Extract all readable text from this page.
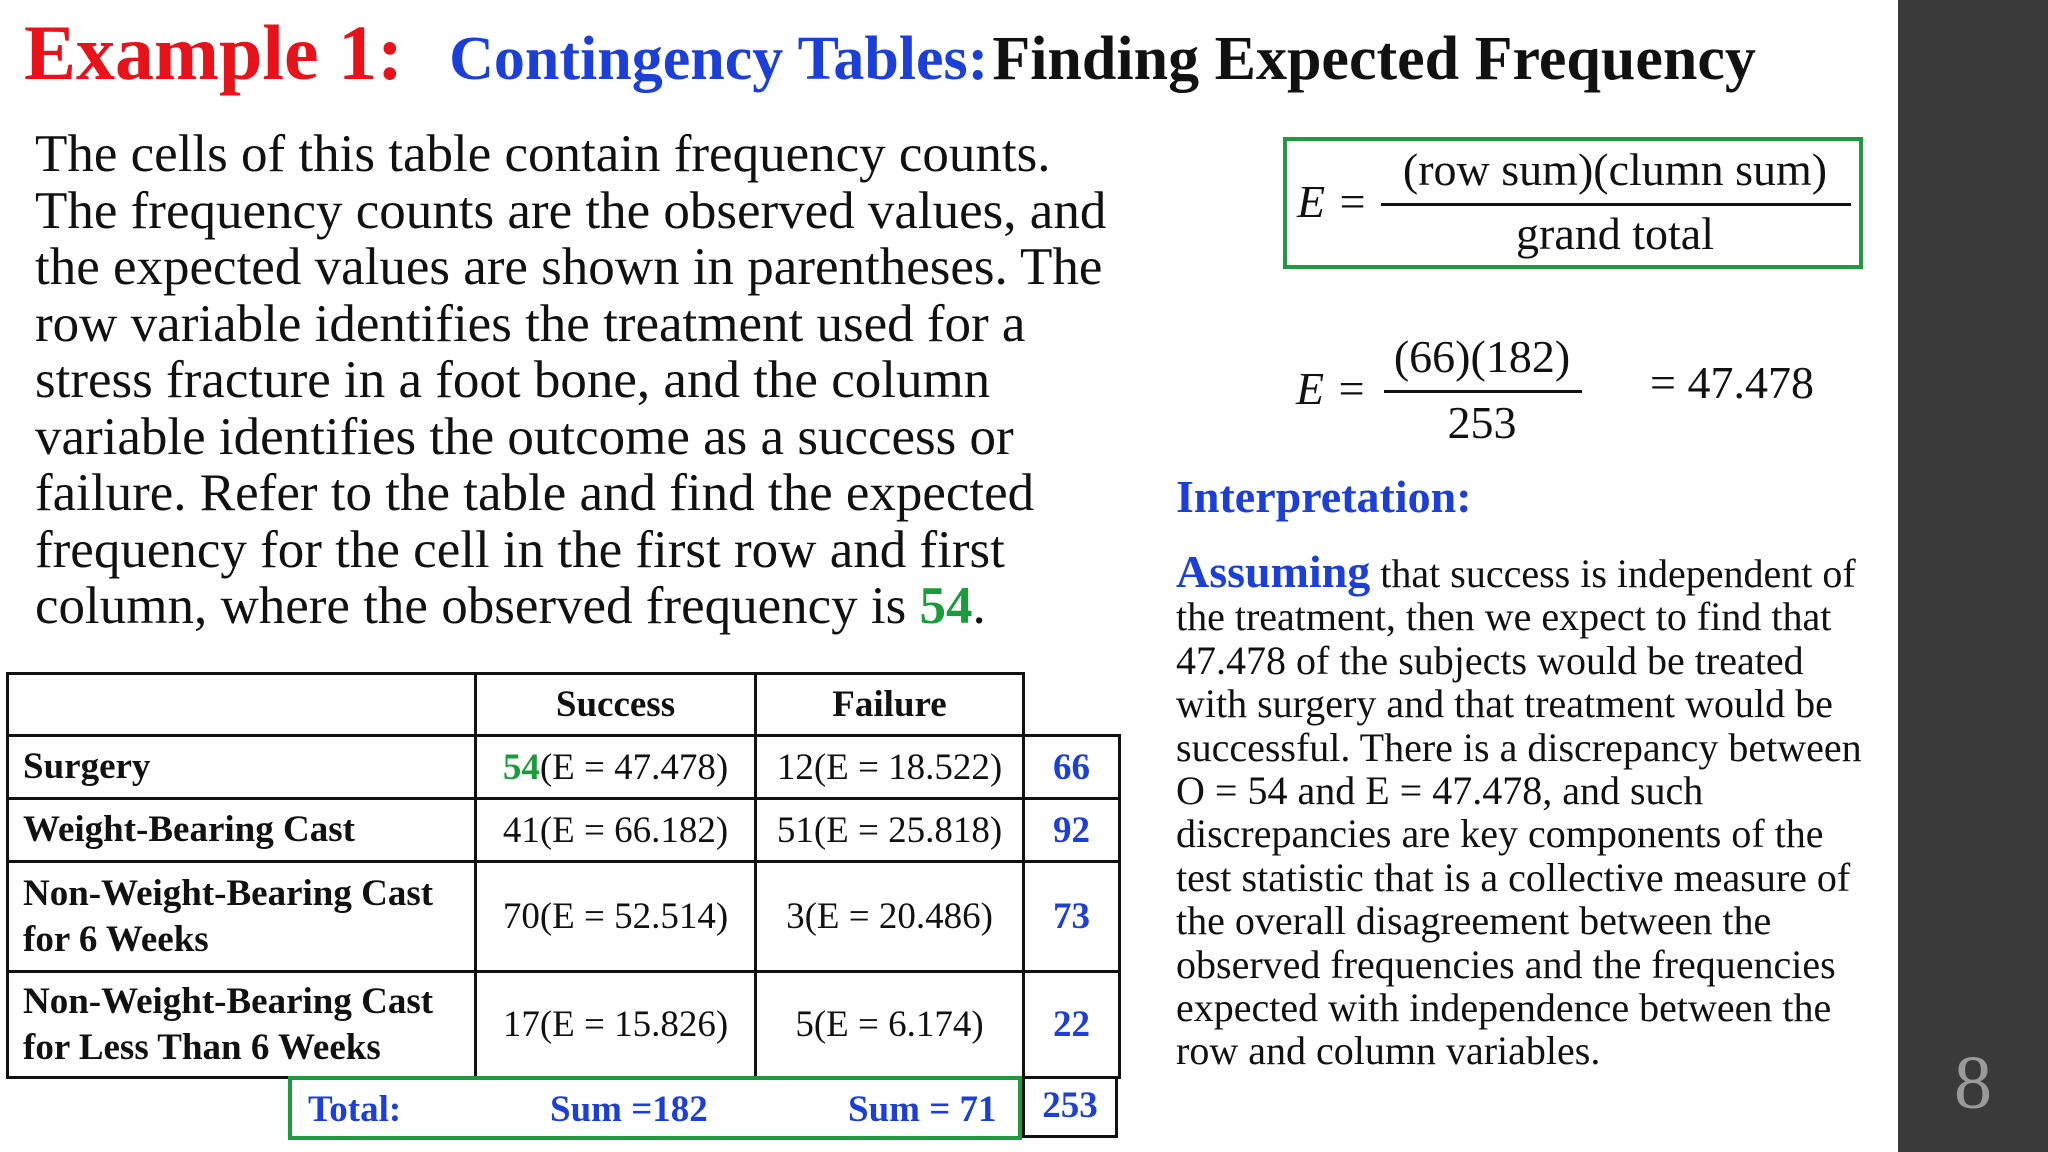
Example 1: Contingency Tables: Finding Expected Frequency
The cells of this table contain frequency counts.
The frequency counts are the observed values, and
the expected values are shown in parentheses. The
row variable identifies the treatment used for a
stress fracture in a foot bone, and the column
variable identifies the outcome as a success or
failure. Refer to the table and find the expected
frequency for the cell in the first row and first
column, where the observed frequency is 54.
E =
(row sum)(clumn sum)
grand total
E =
(66)(182)
253
= 47.478
Interpretation:
Assuming that success is independent of the treatment, then we expect to find that 47.478 of the subjects would be treated with surgery and that treatment would be successful. There is a discrepancy between O = 54 and E = 47.478, and such discrepancies are key components of the test statistic that is a collective measure of the overall disagreement between the observed frequencies and the frequencies expected with independence between the row and column variables.
	Success	Failure	
Surgery	54(E = 47.478)	12(E = 18.522)	66
Weight-Bearing Cast	41(E = 66.182)	51(E = 25.818)	92

Non-Weight-Bearing Cast
for 6 Weeks	70(E = 52.514)	3(E = 20.486)	73

Non-Weight-Bearing Cast
for Less Than 6 Weeks	17(E = 15.826)	5(E = 6.174)	22
Total:	Sum =182	Sum = 71	253	8
